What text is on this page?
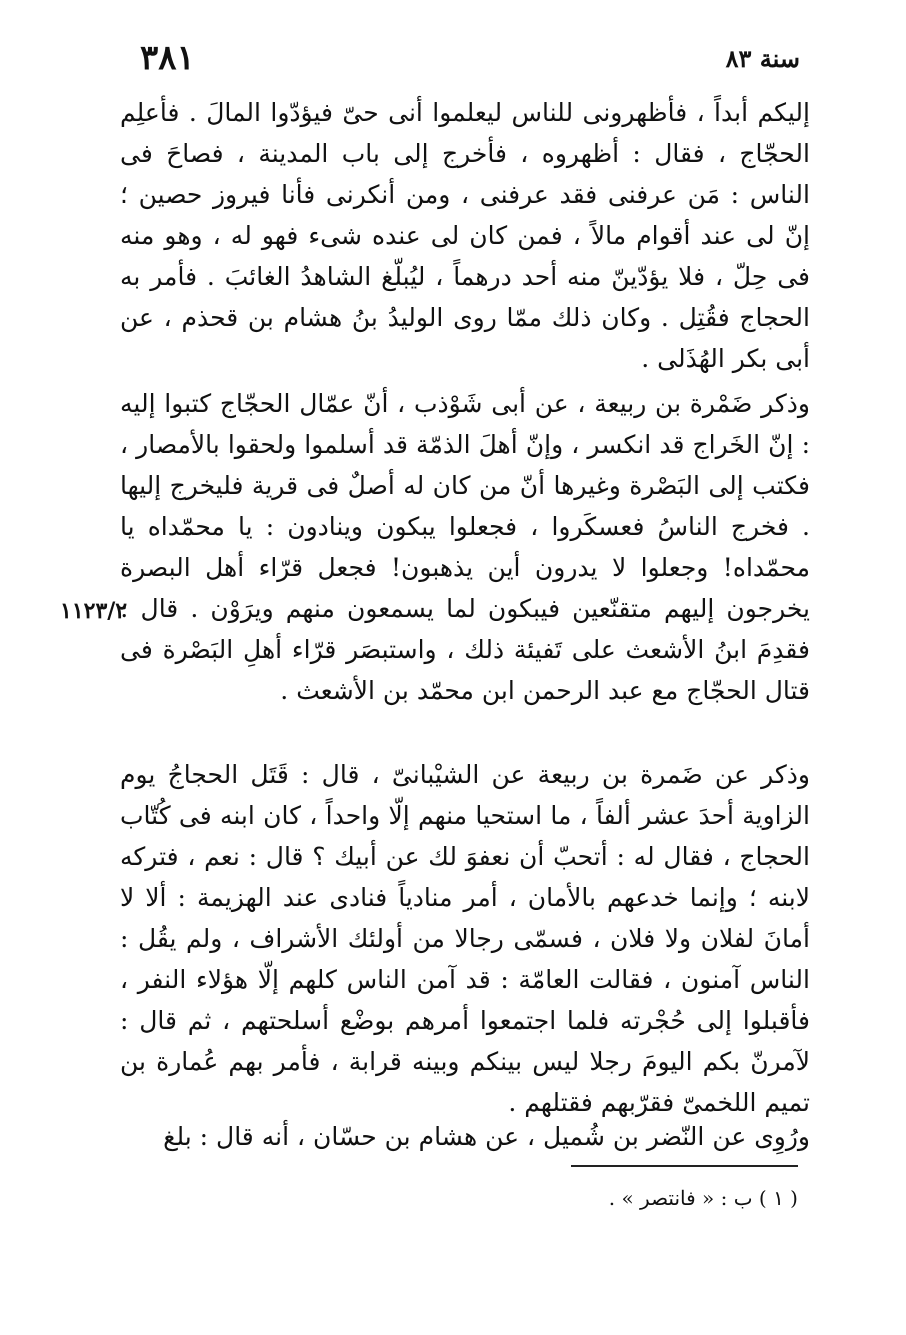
سنة ٨٣
٣٨١

إليكم أبداً ، فأظهرونى للناس ليعلموا أنى حىّ فيؤدّوا المالَ . فأعلِم الحجّاج ، فقال : أظهروه ، فأخرج إلى باب المدينة ، فصاحَ فى الناس : مَن عرفنى فقد عرفنى ، ومن أنكرنى فأنا فيروز حصين ؛ إنّ لى عند أقوام مالاً ، فمن كان لى عنده شىء فهو له ، وهو منه فى حِلّ ، فلا يؤدّينّ منه أحد درهماً ، ليُبلّغ الشاهدُ الغائبَ . فأمر به الحجاج فقُتِل . وكان ذلك ممّا روى الوليدُ بنُ هشام بن قحذم ، عن أبى بكر الهُذَلى .

وذكر ضَمْرة بن ربيعة ، عن أبى شَوْذب ، أنّ عمّال الحجّاج كتبوا إليه : إنّ الخَراج قد انكسر ، وإنّ أهلَ الذمّة قد أسلموا ولحقوا بالأمصار ، فكتب إلى البَصْرة وغيرها أنّ من كان له أصلٌ فى قرية فليخرج إليها . فخرج الناسُ فعسكَروا ، فجعلوا يبكون وينادون : يا محمّداه يا محمّداه! وجعلوا لا يدرون أين يذهبون! فجعل قرّاء أهل البصرة يخرجون إليهم متقنّعين فيبكون لما يسمعون منهم ويرَوْن . قال : فقدِمَ ابنُ الأشعث على تَفيئة ذلك ، واستبصَر قرّاء أهلِ البَصْرة فى قتال الحجّاج مع عبد الرحمن ابن محمّد بن الأشعث .

١١٢٣/٢

وذكر عن ضَمرة بن ربيعة عن الشيْبانىّ ، قال : قَتَل الحجاجُ يوم الزاوية أحدَ عشر ألفاً ، ما استحيا منهم إلّا واحداً ، كان ابنه فى كُتّاب الحجاج ، فقال له : أتحبّ أن نعفوَ لك عن أبيك ؟ قال : نعم ، فتركه لابنه ؛ وإنما خدعهم بالأمان ، أمر منادياً فنادى عند الهزيمة : ألا لا أمانَ لفلان ولا فلان ، فسمّى رجالا من أولئك الأشراف ، ولم يقُل : الناس آمنون ، فقالت العامّة : قد آمن الناس كلهم إلّا هؤلاء النفر ، فأقبلوا إلى حُجْرته فلما اجتمعوا أمرهم بوضْع أسلحتهم ، ثم قال : لآمرنّ بكم اليومَ رجلا ليس بينكم وبينه قرابة ، فأمر بهم عُمارة بن تميم اللخمىّ فقرّبهم فقتلهم .

ورُوِى عن النّضر بن شُميل ، عن هشام بن حسّان ، أنه قال : بلغ

( ١ ) ب : « فانتصر » .
